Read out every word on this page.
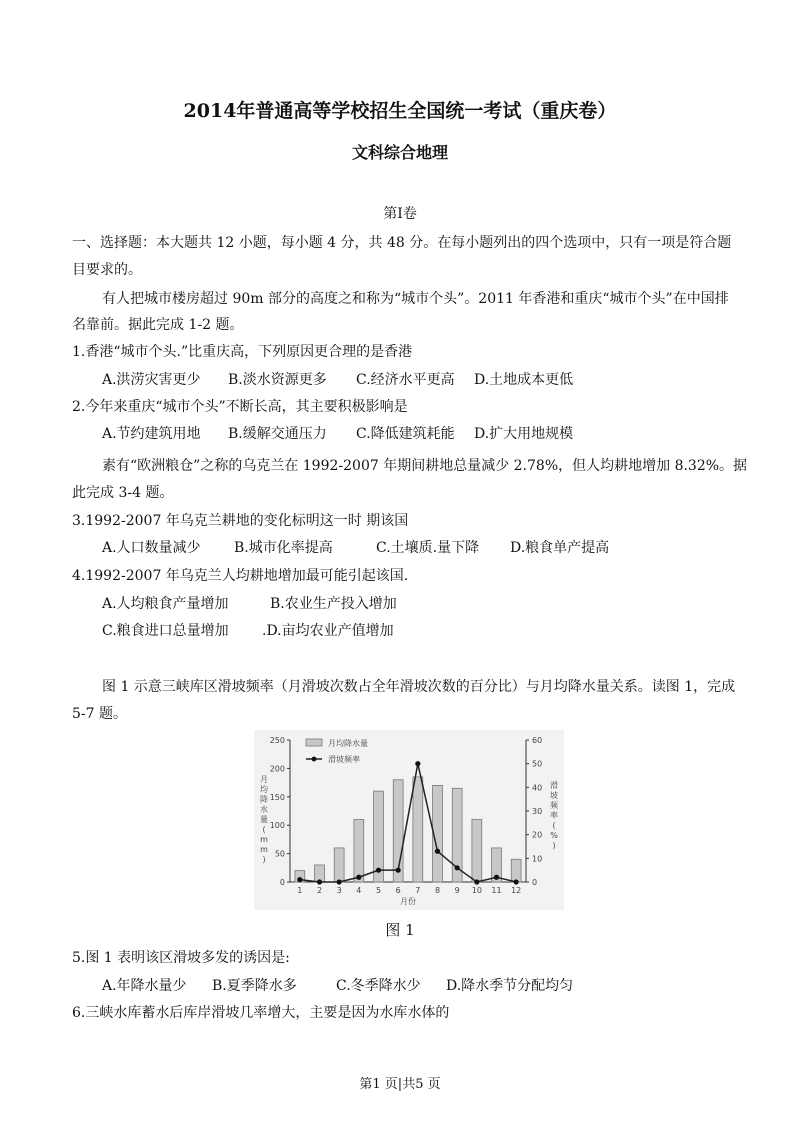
2014年普通高等学校招生全国统一考试（重庆卷）
文科综合地理
第Ⅰ卷
一、选择题：本大题共 12 小题，每小题 4 分，共 48 分。在每小题列出的四个选项中，只有一项是符合题
目要求的。
有人把城市楼房超过 90m 部分的高度之和称为“城市个头”。2011 年香港和重庆“城市个头”在中国排
名靠前。据此完成 1-2 题。
1.香港“城市个头.”比重庆高，下列原因更合理的是香港
A.洪涝灾害更少 B.淡水资源更多 C.经济水平更高 D.土地成本更低
2.今年来重庆“城市个头”不断长高，其主要积极影响是
A.节约建筑用地 B.缓解交通压力 C.降低建筑耗能 D.扩大用地规模
素有“欧洲粮仓”之称的乌克兰在 1992-2007 年期间耕地总量减少 2.78%，但人均耕地增加 8.32%。据
此完成 3-4 题。
3.1992-2007 年乌克兰耕地的变化标明这一时 期该国
A.人口数量减少 B.城市化率提高	C.土壤质.量下降 D.粮食单产提高
4.1992-2007 年乌克兰人均耕地增加最可能引起该国.
A.人均粮食产量增加	B.农业生产投入增加
C.粮食进口总量增加 .D.亩均农业产值增加
图 1 示意三峡库区滑坡频率（月滑坡次数占全年滑坡次数的百分比）与月均降水量关系。读图 1，完成
5-7 题。
0
50
100
150
200
250
0
10
20
30
40
50
60
月
均
降
水
量
(
m
m
)
滑
坡
频
率
(
%
)
1 2 3 4 5 6 7 8 9 10 11 12
月份
月均降水量
滑坡频率
图 1
5.图 1 表明该区滑坡多发的诱因是:
A.年降水量少 B.夏季降水多	C.冬季降水少 D.降水季节分配均匀
6.三峡水库蓄水后库岸滑坡几率增大，主要是因为水库水体的
第1 页|共5 页
